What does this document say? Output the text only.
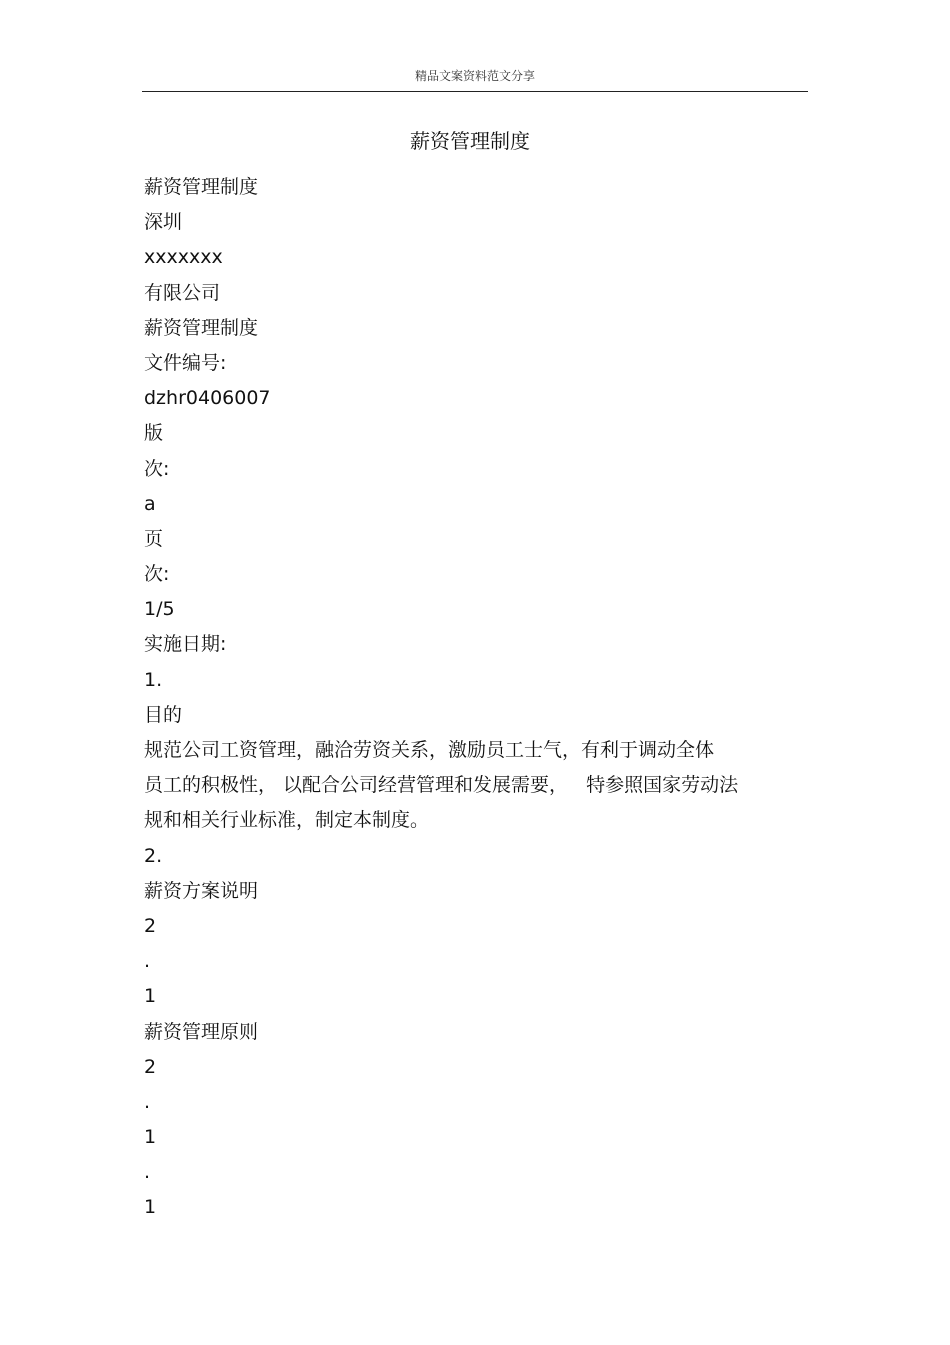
精品文案资料范文分享
薪资管理制度
薪资管理制度
深圳
xxxxxxx
有限公司
薪资管理制度
文件编号:
dzhr0406007
版
次:
a
页
次:
1/5
实施日期:
1.
目的
规范公司工资管理，融洽劳资关系，激励员工士气，有利于调动全体
员工的积极性， 以配合公司经营管理和发展需要，   特参照国家劳动法
规和相关行业标准，制定本制度。
2.
薪资方案说明
2
.
1
薪资管理原则
2
.
1
.
1
